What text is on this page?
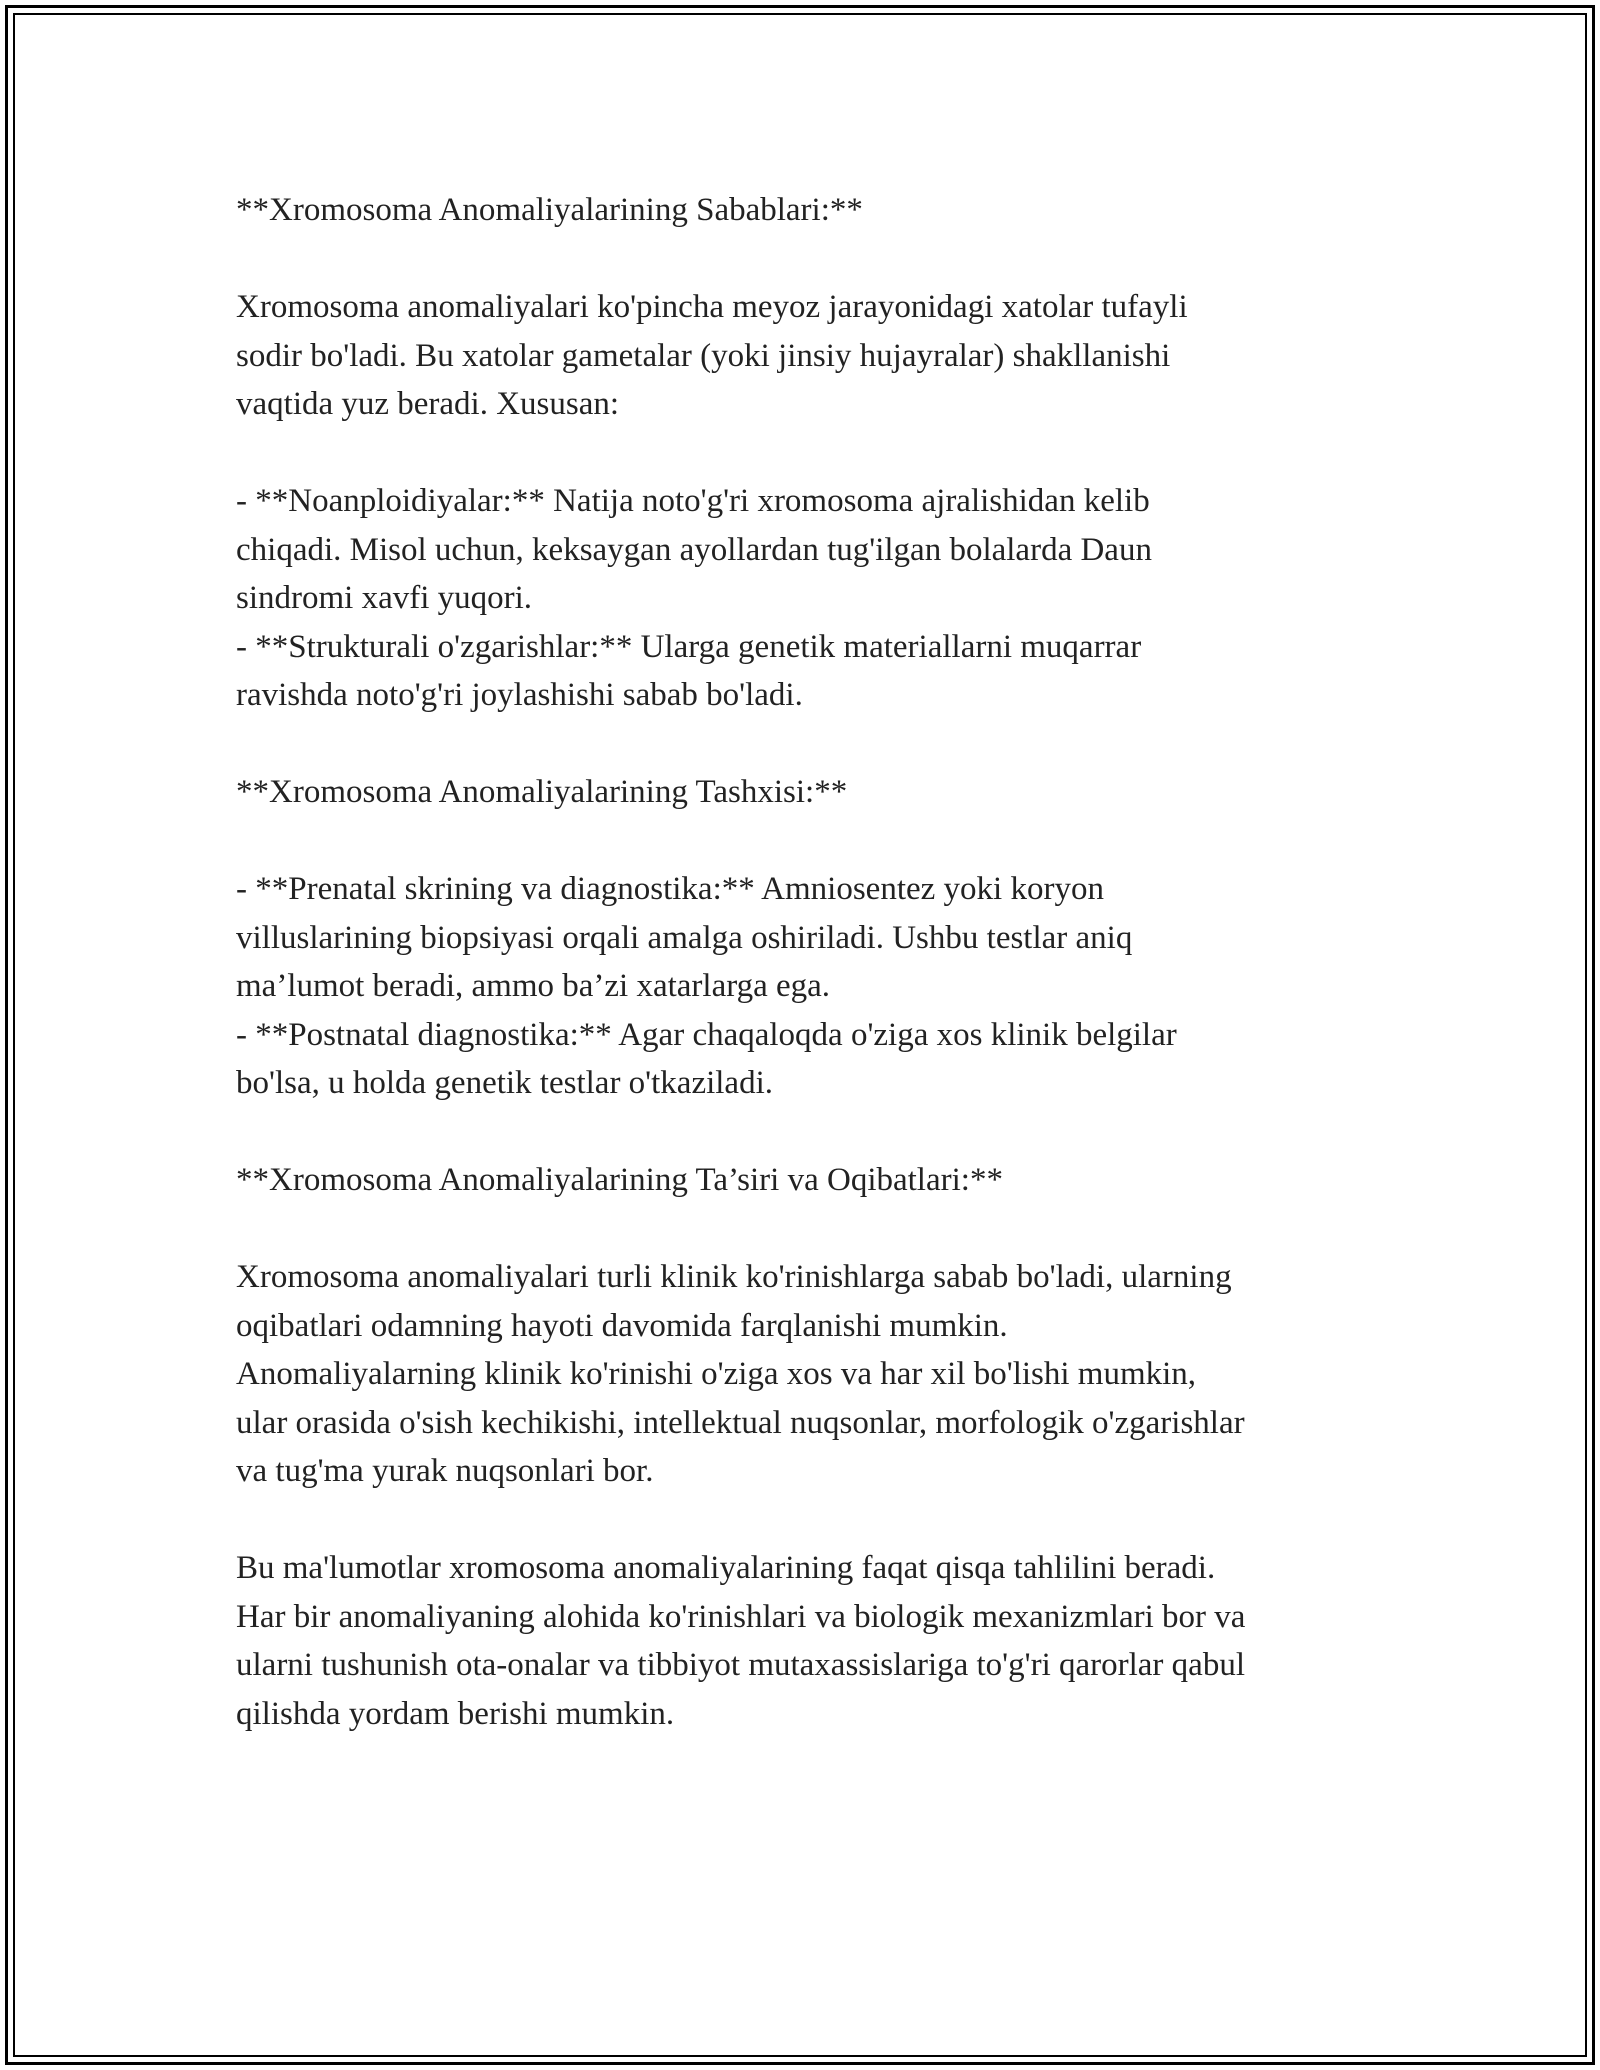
**Xromosoma Anomaliyalarining Sabablari:**

Xromosoma anomaliyalari ko'pincha meyoz jarayonidagi xatolar tufayli
sodir bo'ladi. Bu xatolar gametalar (yoki jinsiy hujayralar) shakllanishi
vaqtida yuz beradi. Xususan:

- **Noanploidiyalar:** Natija noto'g'ri xromosoma ajralishidan kelib
chiqadi. Misol uchun, keksaygan ayollardan tug'ilgan bolalarda Daun
sindromi xavfi yuqori.
- **Strukturali o'zgarishlar:** Ularga genetik materiallarni muqarrar
ravishda noto'g'ri joylashishi sabab bo'ladi.

**Xromosoma Anomaliyalarining Tashxisi:**

- **Prenatal skrining va diagnostika:** Amniosentez yoki koryon
villuslarining biopsiyasi orqali amalga oshiriladi. Ushbu testlar aniq
ma’lumot beradi, ammo ba’zi xatarlarga ega.
- **Postnatal diagnostika:** Agar chaqaloqda o'ziga xos klinik belgilar
bo'lsa, u holda genetik testlar o'tkaziladi.

**Xromosoma Anomaliyalarining Ta’siri va Oqibatlari:**

Xromosoma anomaliyalari turli klinik ko'rinishlarga sabab bo'ladi, ularning
oqibatlari odamning hayoti davomida farqlanishi mumkin.
Anomaliyalarning klinik ko'rinishi o'ziga xos va har xil bo'lishi mumkin,
ular orasida o'sish kechikishi, intellektual nuqsonlar, morfologik o'zgarishlar
va tug'ma yurak nuqsonlari bor.

Bu ma'lumotlar xromosoma anomaliyalarining faqat qisqa tahlilini beradi.
Har bir anomaliyaning alohida ko'rinishlari va biologik mexanizmlari bor va
ularni tushunish ota-onalar va tibbiyot mutaxassislariga to'g'ri qarorlar qabul
qilishda yordam berishi mumkin.
